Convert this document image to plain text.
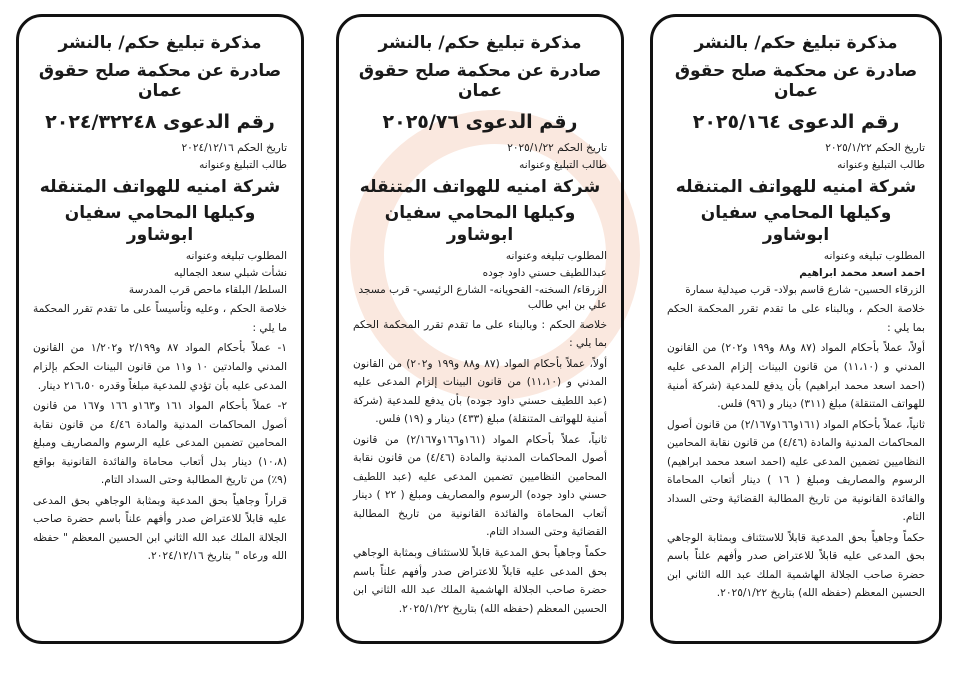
مذكرة تبليغ حكم/ بالنشر
صادرة عن محكمة صلح حقوق عمان
رقم الدعوى ٢٠٢٥/١٦٤
تاريخ الحكم ٢٠٢٥/١/٢٢
طالب التبليغ وعنوانه
شركة امنيه للهواتف المتنقله
وكيلها المحامي سفيان ابوشاور
المطلوب تبليغه وعنوانه
احمد اسعد محمد ابراهيم
الزرقاء الحسين- شارع قاسم بولاد- قرب صيدلية سمارة
خلاصة الحكم ، وبالبناء على ما تقدم تقرر المحكمة الحكم بما يلي :
أولاً، عملاً بأحكام المواد (٨٧ و٨٨ و١٩٩ و٢٠٢) من القانون المدني و (١١،١٠) من قانون البينات إلزام المدعى عليه (احمد اسعد محمد ابراهيم) بأن يدفع للمدعية (شركة أمنية للهواتف المتنقلة) مبلغ (٣١١) دينار و (٩٦) فلس.
ثانياً، عملاً بأحكام المواد (١٦١و١٦٦و٢/١٦٧) من قانون أصول المحاكمات المدنية والمادة (٤/٤٦) من قانون نقابة المحامين النظاميين تضمين المدعى عليه (احمد اسعد محمد ابراهيم) الرسوم والمصاريف ومبلغ ( ١٦ ) دينار أتعاب المحاماة والفائدة القانونية من تاريخ المطالبة القضائية وحتى السداد التام.
حكماً وجاهياً بحق المدعية قابلاً للاستئناف وبمثابة الوجاهي بحق المدعى عليه قابلاً للاعتراض صدر وأفهم علناً باسم حضرة صاحب الجلالة الهاشمية الملك عبد الله الثاني ابن الحسين المعظم (حفظه الله) بتاريخ ٢٠٢٥/١/٢٢.
مذكرة تبليغ حكم/ بالنشر
صادرة عن محكمة صلح حقوق عمان
رقم الدعوى ٢٠٢٥/٧٦
تاريخ الحكم ٢٠٢٥/١/٢٢
طالب التبليغ وعنوانه
شركة امنيه للهواتف المتنقله
وكيلها المحامي سفيان ابوشاور
المطلوب تبليغه وعنوانه
عبداللطيف حسني داود جوده
الزرقاء/ السخنه- القحويانه- الشارع الرئيسي- قرب مسجد علي بن ابي طالب
خلاصة الحكم : وبالبناء على ما تقدم تقرر المحكمة الحكم بما يلي :
أولاً، عملاً بأحكام المواد (٨٧ و٨٨ و١٩٩ و٢٠٢) من القانون المدني و (١١،١٠) من قانون البينات إلزام المدعى عليه (عبد اللطيف حسني داود جوده) بأن يدفع للمدعية (شركة أمنية للهواتف المتنقلة) مبلغ (٤٣٣) دينار و (١٩) فلس.
ثانياً، عملاً بأحكام المواد (١٦١و١٦٦و٢/١٦٧) من قانون أصول المحاكمات المدنية والمادة (٤/٤٦) من قانون نقابة المحامين النظاميين تضمين المدعى عليه (عبد اللطيف حسني داود جوده) الرسوم والمصاريف ومبلغ ( ٢٢ ) دينار أتعاب المحاماة والفائدة القانونية من تاريخ المطالبة القضائية وحتى السداد التام.
حكماً وجاهياً بحق المدعية قابلاً للاستئناف وبمثابة الوجاهي بحق المدعى عليه قابلاً للاعتراض صدر وأفهم علناً باسم حضرة صاحب الجلالة الهاشمية الملك عبد الله الثاني ابن الحسين المعظم (حفظه الله) بتاريخ ٢٠٢٥/١/٢٢.
مذكرة تبليغ حكم/ بالنشر
صادرة عن محكمة صلح حقوق عمان
رقم الدعوى ٢٠٢٤/٣٢٢٤٨
تاريخ الحكم ٢٠٢٤/١٢/١٦
طالب التبليغ وعنوانه
شركة امنيه للهواتف المتنقله
وكيلها المحامي سفيان ابوشاور
المطلوب تبليغه وعنوانه
نشأت شبلي سعد الجماليه
السلط/ البلقاء ماحص قرب المدرسة
خلاصة الحكم ، وعليه وتأسيساً على ما تقدم تقرر المحكمة ما يلي :
١- عملاً بأحكام المواد ٨٧ و٢/١٩٩ و١/٢٠٢ من القانون المدني والمادتين ١٠ و١١ من قانون البينات الحكم بإلزام المدعى عليه بأن تؤدي للمدعية مبلغاً وقدره ٢١٦،٥٠ دينار.
٢- عملاً بأحكام المواد ١٦١ و١٦٣و ١٦٦ و١٦٧ من قانون أصول المحاكمات المدنية والمادة ٤/٤٦ من قانون نقابة المحامين تضمين المدعى عليه الرسوم والمصاريف ومبلغ (١٠،٨) دينار بدل أتعاب محاماة والفائدة القانونية بواقع (٩٪) من تاريخ المطالبة وحتى السداد التام.
قراراً وجاهياً بحق المدعية وبمثابة الوجاهي بحق المدعى عليه قابلاً للاعتراض صدر وأفهم علناً باسم حضرة صاحب الجلالة الملك عبد الله الثاني ابن الحسين المعظم " حفظه الله ورعاه " بتاريخ ٢٠٢٤/١٢/١٦.
